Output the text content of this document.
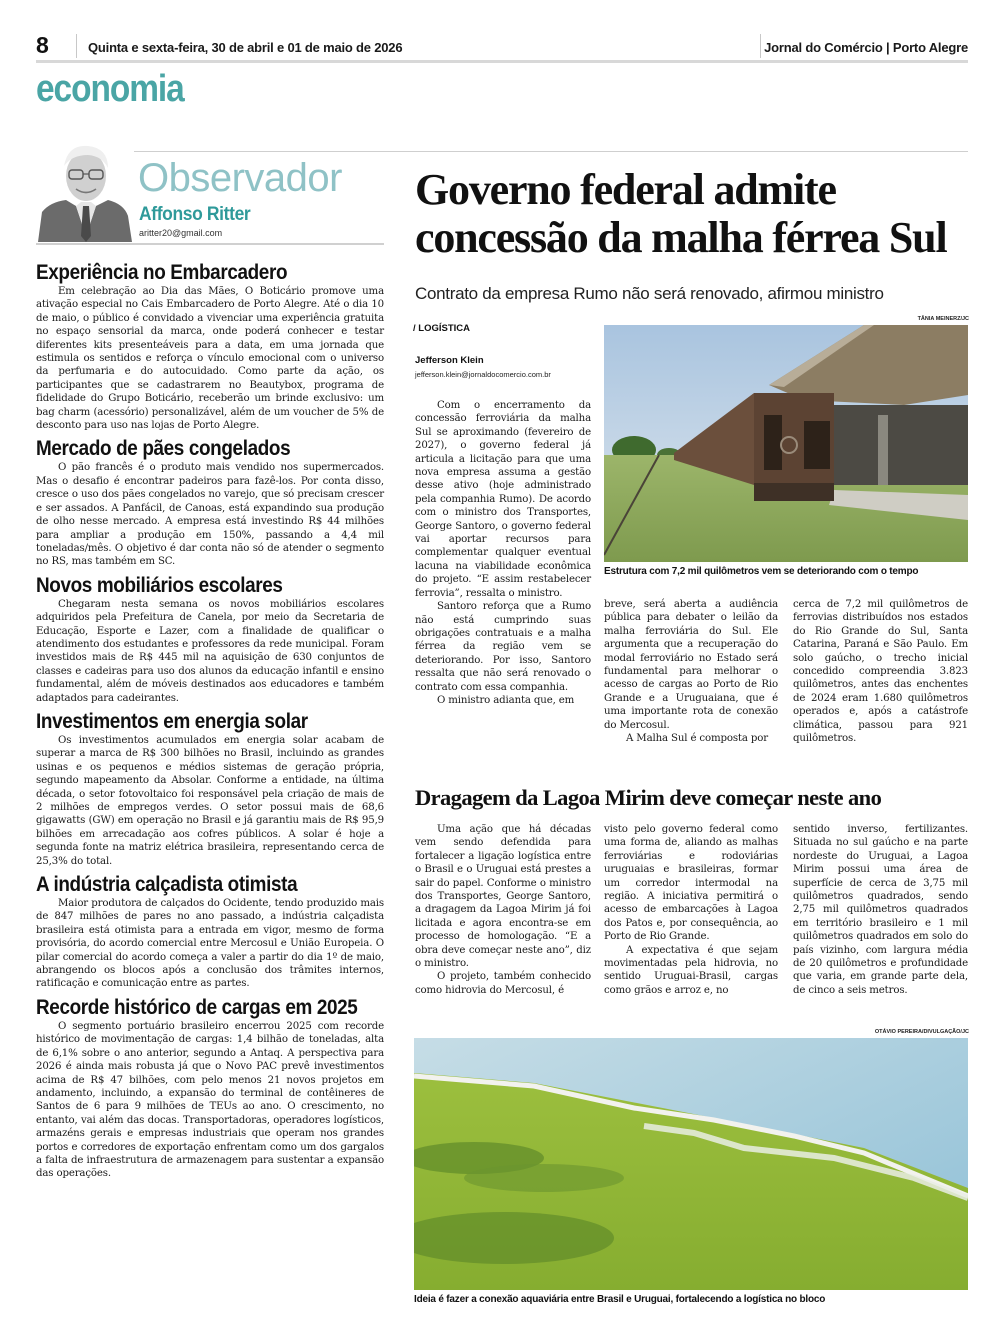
8	Quinta e sexta-feira, 30 de abril e 01 de maio de 2026	Jornal do Comércio | Porto Alegre
economia
Observador
Affonso Ritter
aritter20@gmail.com
Experiência no Embarcadero
Em celebração ao Dia das Mães, O Boticário promove uma ativação especial no Cais Embarcadero de Porto Alegre. Até o dia 10 de maio, o público é convidado a vivenciar uma experiência gratuita no espaço sensorial da marca, onde poderá conhecer e testar diferentes kits presenteáveis para a data, em uma jornada que estimula os sentidos e reforça o vínculo emocional com o universo da perfumaria e do autocuidado. Como parte da ação, os participantes que se cadastrarem no Beautybox, programa de fidelidade do Grupo Boticário, receberão um brinde exclusivo: um bag charm (acessório) personalizável, além de um voucher de 5% de desconto para uso nas lojas de Porto Alegre.
Mercado de pães congelados
O pão francês é o produto mais vendido nos supermercados. Mas o desafio é encontrar padeiros para fazê-los. Por conta disso, cresce o uso dos pães congelados no varejo, que só precisam crescer e ser assados. A Panfácil, de Canoas, está expandindo sua produção de olho nesse mercado. A empresa está investindo R$ 44 milhões para ampliar a produção em 150%, passando a 4,4 mil toneladas/mês. O objetivo é dar conta não só de atender o segmento no RS, mas também em SC.
Novos mobiliários escolares
Chegaram nesta semana os novos mobiliários escolares adquiridos pela Prefeitura de Canela, por meio da Secretaria de Educação, Esporte e Lazer, com a finalidade de qualificar o atendimento dos estudantes e professores da rede municipal. Foram investidos mais de R$ 445 mil na aquisição de 630 conjuntos de classes e cadeiras para uso dos alunos da educação infantil e ensino fundamental, além de móveis destinados aos educadores e também adaptados para cadeirantes.
Investimentos em energia solar
Os investimentos acumulados em energia solar acabam de superar a marca de R$ 300 bilhões no Brasil, incluindo as grandes usinas e os pequenos e médios sistemas de geração própria, segundo mapeamento da Absolar. Conforme a entidade, na última década, o setor fotovoltaico foi responsável pela criação de mais de 2 milhões de empregos verdes. O setor possui mais de 68,6 gigawatts (GW) em operação no Brasil e já garantiu mais de R$ 95,9 bilhões em arrecadação aos cofres públicos. A solar é hoje a segunda fonte na matriz elétrica brasileira, representando cerca de 25,3% do total.
A indústria calçadista otimista
Maior produtora de calçados do Ocidente, tendo produzido mais de 847 milhões de pares no ano passado, a indústria calçadista brasileira está otimista para a entrada em vigor, mesmo de forma provisória, do acordo comercial entre Mercosul e União Europeia. O pilar comercial do acordo começa a valer a partir do dia 1º de maio, abrangendo os blocos após a conclusão dos trâmites internos, ratificação e comunicação entre as partes.
Recorde histórico de cargas em 2025
O segmento portuário brasileiro encerrou 2025 com recorde histórico de movimentação de cargas: 1,4 bilhão de toneladas, alta de 6,1% sobre o ano anterior, segundo a Antaq. A perspectiva para 2026 é ainda mais robusta já que o Novo PAC prevê investimentos acima de R$ 47 bilhões, com pelo menos 21 novos projetos em andamento, incluindo, a expansão do terminal de contêineres de Santos de 6 para 9 milhões de TEUs ao ano. O crescimento, no entanto, vai além das docas. Transportadoras, operadores logísticos, armazéns gerais e empresas industriais que operam nos grandes portos e corredores de exportação enfrentam como um dos gargalos a falta de infraestrutura de armazenagem para sustentar a expansão das operações.
Governo federal admite concessão da malha férrea Sul
Contrato da empresa Rumo não será renovado, afirmou ministro
/ LOGÍSTICA
Jefferson Klein
jefferson.klein@jornaldocomercio.com.br
TÂNIA MEINERZ/JC
Estrutura com 7,2 mil quilômetros vem se deteriorando com o tempo

Com o encerramento da concessão ferroviária da malha Sul se aproximando (fevereiro de 2027), o governo federal já articula a licitação para que uma nova empresa assuma a gestão desse ativo (hoje administrado pela companhia Rumo). De acordo com o ministro dos Transportes, George Santoro, o governo federal vai aportar recursos para complementar qualquer eventual lacuna na viabilidade econômica do projeto. “E assim restabelecer ferrovia”, ressalta o ministro.

Santoro reforça que a Rumo não está cumprindo suas obrigações contratuais e a malha férrea da região vem se deteriorando. Por isso, Santoro ressalta que não será renovado o contrato com essa companhia.

O ministro adianta que, em

breve, será aberta a audiência pública para debater o leilão da malha ferroviária do Sul. Ele argumenta que a recuperação do modal ferroviário no Estado será fundamental para melhorar o acesso de cargas ao Porto de Rio Grande e a Uruguaiana, que é uma importante rota de conexão do Mercosul.

A Malha Sul é composta por

cerca de 7,2 mil quilômetros de ferrovias distribuídos nos estados do Rio Grande do Sul, Santa Catarina, Paraná e São Paulo. Em solo gaúcho, o trecho inicial concedido compreendia 3.823 quilômetros, antes das enchentes de 2024 eram 1.680 quilômetros operados e, após a catástrofe climática, passou para 921 quilômetros.

Dragagem da Lagoa Mirim deve começar neste ano

Uma ação que há décadas vem sendo defendida para fortalecer a ligação logística entre o Brasil e o Uruguai está prestes a sair do papel. Conforme o ministro dos Transportes, George Santoro, a dragagem da Lagoa Mirim já foi licitada e agora encontra-se em processo de homologação. “E a obra deve começar neste ano”, diz o ministro.

O projeto, também conhecido como hidrovia do Mercosul, é

visto pelo governo federal como uma forma de, aliando as malhas ferroviárias e rodoviárias uruguaias e brasileiras, formar um corredor intermodal na região. A iniciativa permitirá o acesso de embarcações à Lagoa dos Patos e, por consequência, ao Porto de Rio Grande.

A expectativa é que sejam movimentadas pela hidrovia, no sentido Uruguai-Brasil, cargas como grãos e arroz e, no

sentido inverso, fertilizantes. Situada no sul gaúcho e na parte nordeste do Uruguai, a Lagoa Mirim possui uma área de superfície de cerca de 3,75 mil quilômetros quadrados, sendo 2,75 mil quilômetros quadrados em território brasileiro e 1 mil quilômetros quadrados em solo do país vizinho, com largura média de 20 quilômetros e profundidade que varia, em grande parte dela, de cinco a seis metros.

OTÁVIO PEREIRA/DIVULGAÇÃO/JC
Ideia é fazer a conexão aquaviária entre Brasil e Uruguai, fortalecendo a logística no bloco
